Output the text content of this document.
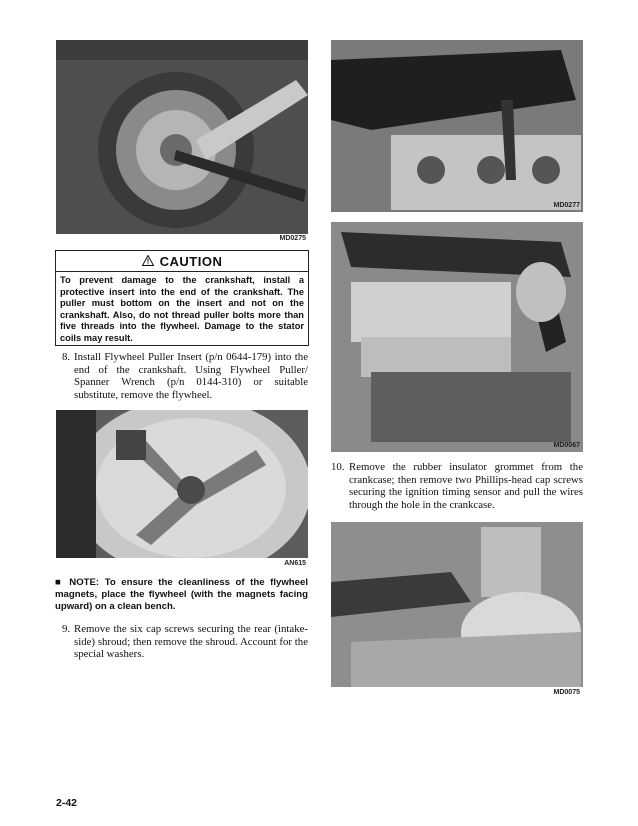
MD0275
CAUTION
To prevent damage to the crankshaft, install a protective insert into the end of the crankshaft. The puller must bottom on the insert and not on the crankshaft. Also, do not thread puller bolts more than five threads into the flywheel. Damage to the stator coils may result.
8. Install Flywheel Puller Insert (p/n 0644-179) into the end of the crankshaft. Using Flywheel Puller/ Spanner Wrench (p/n 0144-310) or suitable substitute, remove the flywheel.
AN615
■ NOTE: To ensure the cleanliness of the flywheel magnets, place the flywheel (with the magnets facing upward) on a clean bench.
9. Remove the six cap screws securing the rear (intake-side) shroud; then remove the shroud. Account for the special washers.
MD0277
MD0067
10. Remove the rubber insulator grommet from the crankcase; then remove two Phillips-head cap screws securing the ignition timing sensor and pull the wires through the hole in the crankcase.
MD0075
2-42
